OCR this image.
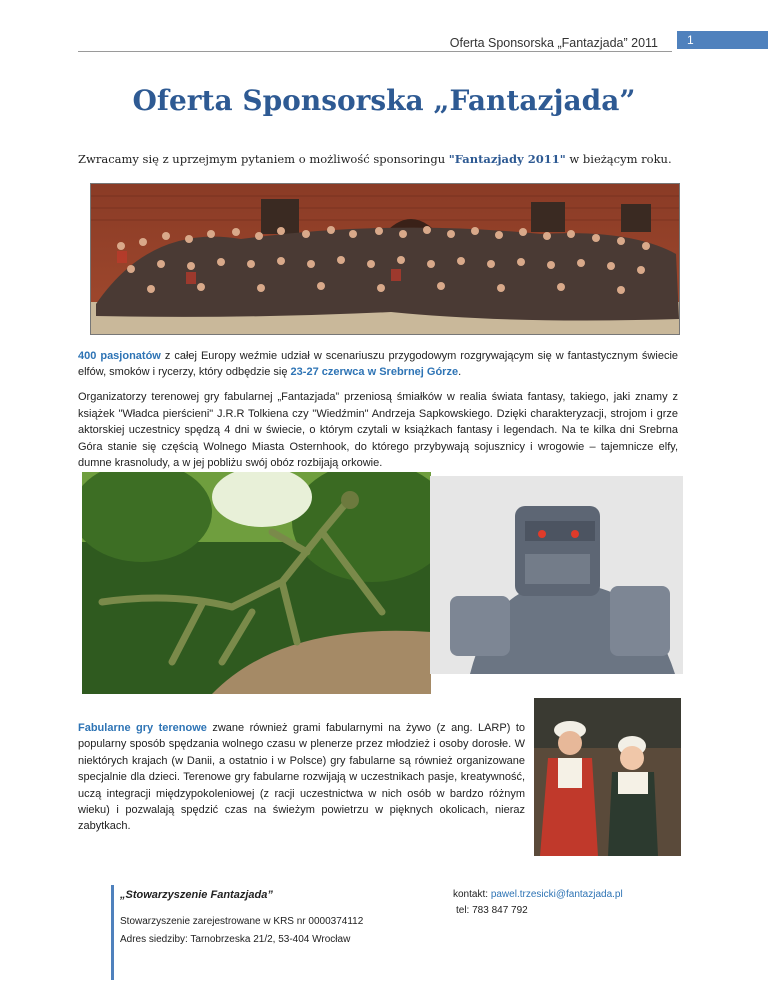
Oferta Sponsorska „Fantazjada” 2011 1
Oferta Sponsorska „Fantazjada”
Zwracamy się z uprzejmym pytaniem o możliwość sponsoringu "Fantazjady 2011" w bieżącym roku.
400 pasjonatów z całej Europy weźmie udział w scenariuszu przygodowym rozgrywającym się w fantastycznym świecie elfów, smoków i rycerzy, który odbędzie się 23-27 czerwca w Srebrnej Górze.
Organizatorzy terenowej gry fabularnej „Fantazjada” przeniosą śmiałków w realia świata fantasy, takiego, jaki znamy z książek "Władca pierścieni" J.R.R Tolkiena czy "Wiedźmin" Andrzeja Sapkowskiego. Dzięki charakteryzacji, strojom i grze aktorskiej uczestnicy spędzą 4 dni w świecie, o którym czytali w książkach fantasy i legendach. Na te kilka dni Srebrna Góra stanie się częścią Wolnego Miasta Osternhook, do którego przybywają sojusznicy i wrogowie – tajemnicze elfy, dumne krasnoludy, a w jej pobliżu swój obóz rozbijają orkowie.
Fabularne gry terenowe zwane również grami fabularnymi na żywo (z ang. LARP) to popularny sposób spędzania wolnego czasu w plenerze przez młodzież i osoby dorosłe. W niektórych krajach (w Danii, a ostatnio i w Polsce) gry fabularne są również organizowane specjalnie dla dzieci. Terenowe gry fabularne rozwijają w uczestnikach pasje, kreatywność, uczą integracji międzypokoleniowej (z racji uczestnictwa w nich osób w bardzo różnym wieku) i pozwalają spędzić czas na świeżym powietrzu w pięknych okolicach, nieraz zabytkach.
„Stowarzyszenie Fantazjada”
Stowarzyszenie zarejestrowane w KRS nr 0000374112
Adres siedziby: Tarnobrzeska 21/2, 53-404 Wrocław
kontakt: pawel.trzesicki@fantazjada.pl
tel: 783 847 792
